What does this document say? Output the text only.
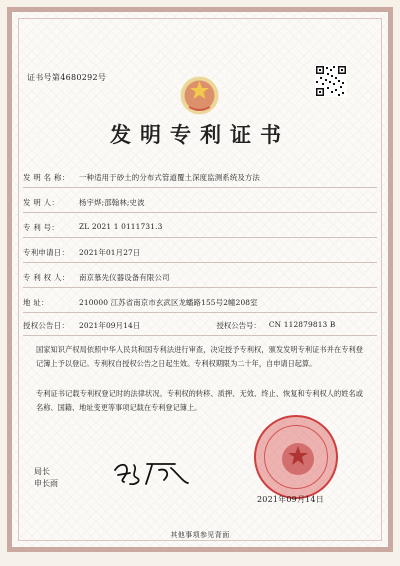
证书号第4680292号
发明专利证书
发 明 名 称： 一种适用于砂土的分布式管道覆土深度监测系统及方法
发 明 人：	杨宇烨;邵翰林;史波
专 利 号：	ZL 2021 1 0111731.3
专利申请日： 2021年01月27日
专 利 权 人： 南京慕先仪器设备有限公司
地 址：	210000 江苏省南京市玄武区龙蟠路155号2幢208室
授权公告日： 2021年09月14日	授权公告号： CN 112879813 B
国家知识产权局依照中华人民共和国专利法进行审查，决定授予专利权，颁发发明专利证书并在专利登记簿上予以登记。专利权自授权公告之日起生效。专利权期限为二十年，自申请日起算。
专利证书记载专利权登记时的法律状况。专利权的转移、质押、无效、终止、恢复和专利权人的姓名或名称、国籍、地址变更等事项记载在专利登记簿上。
局长
申长雨
2021年09月14日
其他事项参见背面
